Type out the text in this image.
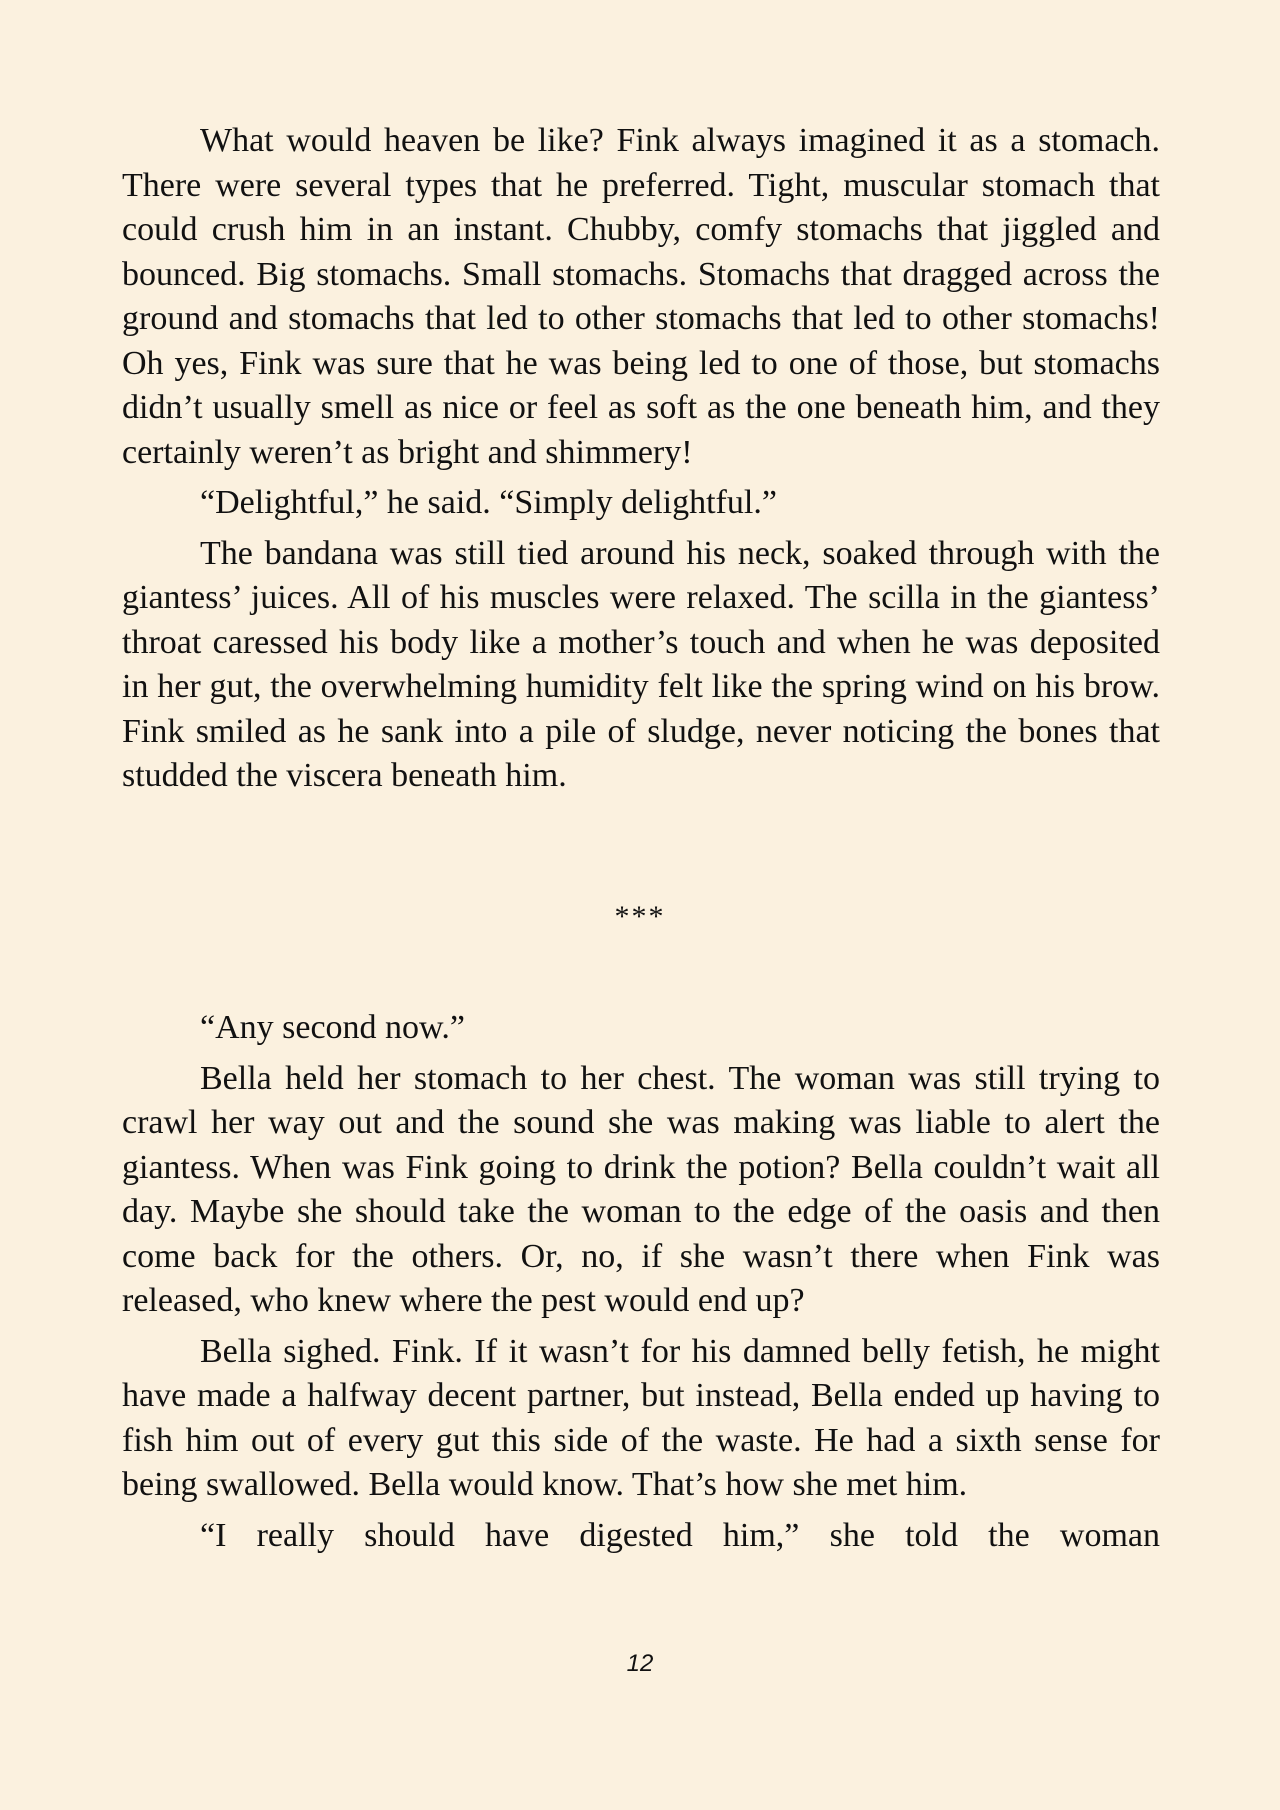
What would heaven be like? Fink always imagined it as a stomach. There were several types that he preferred. Tight, muscular stomach that could crush him in an instant. Chubby, comfy stomachs that jiggled and bounced. Big stomachs. Small stomachs. Stomachs that dragged across the ground and stomachs that led to other stomachs that led to other stomachs! Oh yes, Fink was sure that he was being led to one of those, but stomachs didn’t usually smell as nice or feel as soft as the one beneath him, and they certainly weren’t as bright and shimmery!

“Delightful,” he said. “Simply delightful.”

The bandana was still tied around his neck, soaked through with the giantess’ juices. All of his muscles were relaxed. The scilla in the giantess’ throat caressed his body like a mother’s touch and when he was deposited in her gut, the overwhelming humidity felt like the spring wind on his brow. Fink smiled as he sank into a pile of sludge, never noticing the bones that studded the viscera beneath him.

***

“Any second now.”

Bella held her stomach to her chest. The woman was still trying to crawl her way out and the sound she was making was liable to alert the giantess. When was Fink going to drink the potion? Bella couldn’t wait all day. Maybe she should take the woman to the edge of the oasis and then come back for the others. Or, no, if she wasn’t there when Fink was released, who knew where the pest would end up?

Bella sighed. Fink. If it wasn’t for his damned belly fetish, he might have made a halfway decent partner, but instead, Bella ended up having to fish him out of every gut this side of the waste. He had a sixth sense for being swallowed. Bella would know. That’s how she met him.

“I really should have digested him,” she told the woman

12
